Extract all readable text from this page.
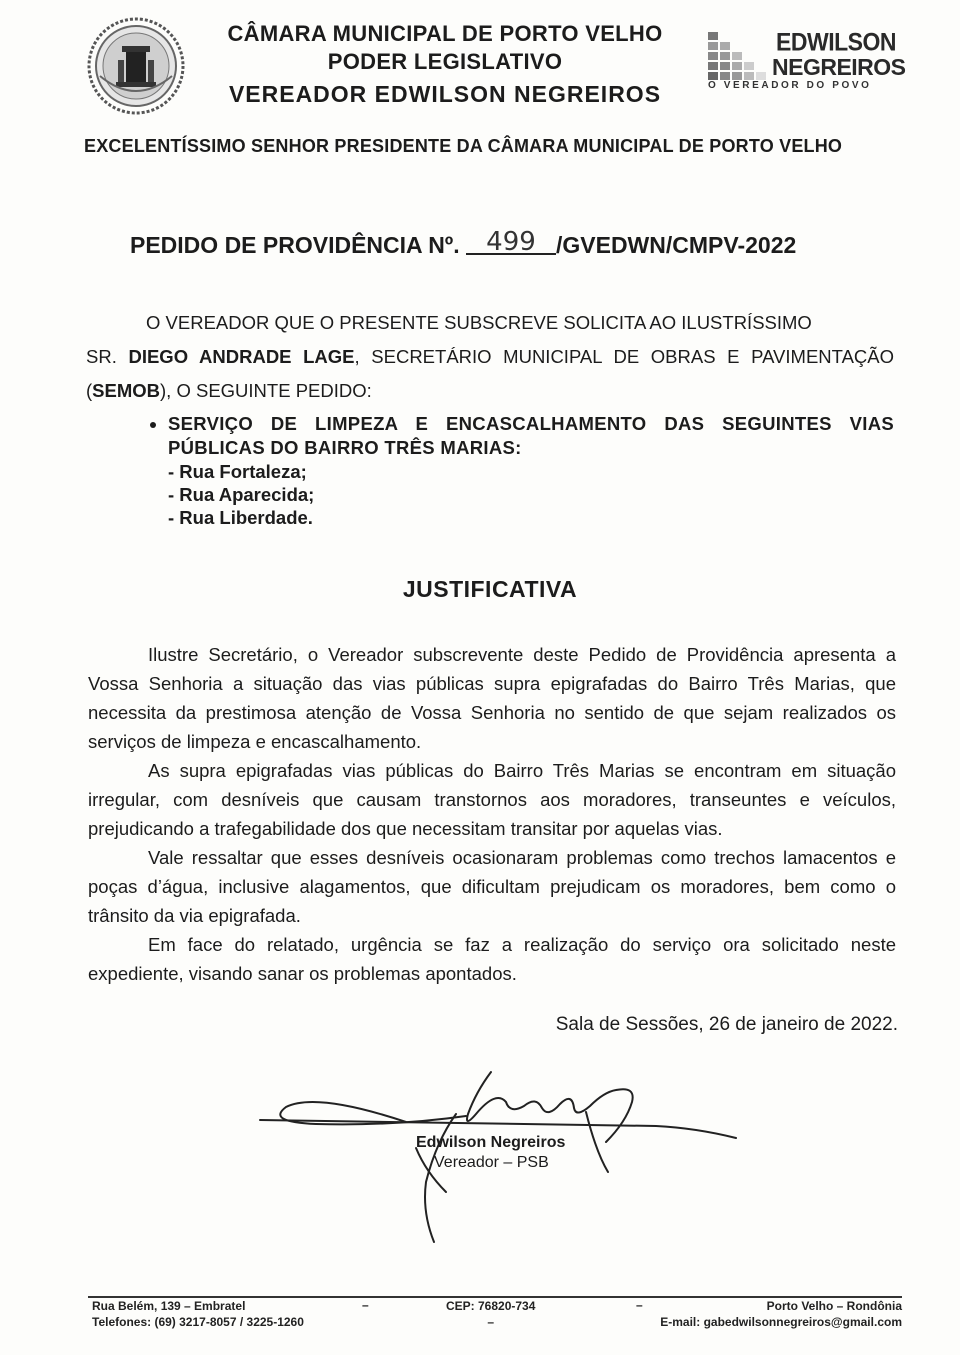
CÂMARA MUNICIPAL DE PORTO VELHO
PODER LEGISLATIVO
VEREADOR EDWILSON NEGREIROS
EDWILSON
NEGREIROS
O VEREADOR DO POVO
EXCELENTÍSSIMO SENHOR PRESIDENTE DA CÂMARA MUNICIPAL DE PORTO VELHO
PEDIDO DE PROVIDÊNCIA Nº. 499 /GVEDWN/CMPV-2022

O VEREADOR QUE O PRESENTE SUBSCREVE SOLICITA AO ILUSTRÍSSIMO

SR. DIEGO ANDRADE LAGE, SECRETÁRIO MUNICIPAL DE OBRAS E PAVIMENTAÇÃO (SEMOB), O SEGUINTE PEDIDO:

• SERVIÇO DE LIMPEZA E ENCASCALHAMENTO DAS SEGUINTES VIAS PÚBLICAS DO BAIRRO TRÊS MARIAS:
- Rua Fortaleza;
- Rua Aparecida;
- Rua Liberdade.
JUSTIFICATIVA

Ilustre Secretário, o Vereador subscrevente deste Pedido de Providência apresenta a Vossa Senhoria a situação das vias públicas supra epigrafadas do Bairro Três Marias, que necessita da prestimosa atenção de Vossa Senhoria no sentido de que sejam realizados os serviços de limpeza e encascalhamento.

As supra epigrafadas vias públicas do Bairro Três Marias se encontram em situação irregular, com desníveis que causam transtornos aos moradores, transeuntes e veículos, prejudicando a trafegabilidade dos que necessitam transitar por aquelas vias.

Vale ressaltar que esses desníveis ocasionaram problemas como trechos lamacentos e poças d’água, inclusive alagamentos, que dificultam prejudicam os moradores, bem como o trânsito da via epigrafada.

Em face do relatado, urgência se faz a realização do serviço ora solicitado neste expediente, visando sanar os problemas apontados.

Sala de Sessões, 26 de janeiro de 2022.
Edwilson Negreiros
Vereador – PSB
Rua Belém, 139 – Embratel
Telefones: (69) 3217-8057 / 3225-1260
–	CEP: 76820-734
–
–	Porto Velho – Rondônia
E-mail: gabedwilsonnegreiros@gmail.com
